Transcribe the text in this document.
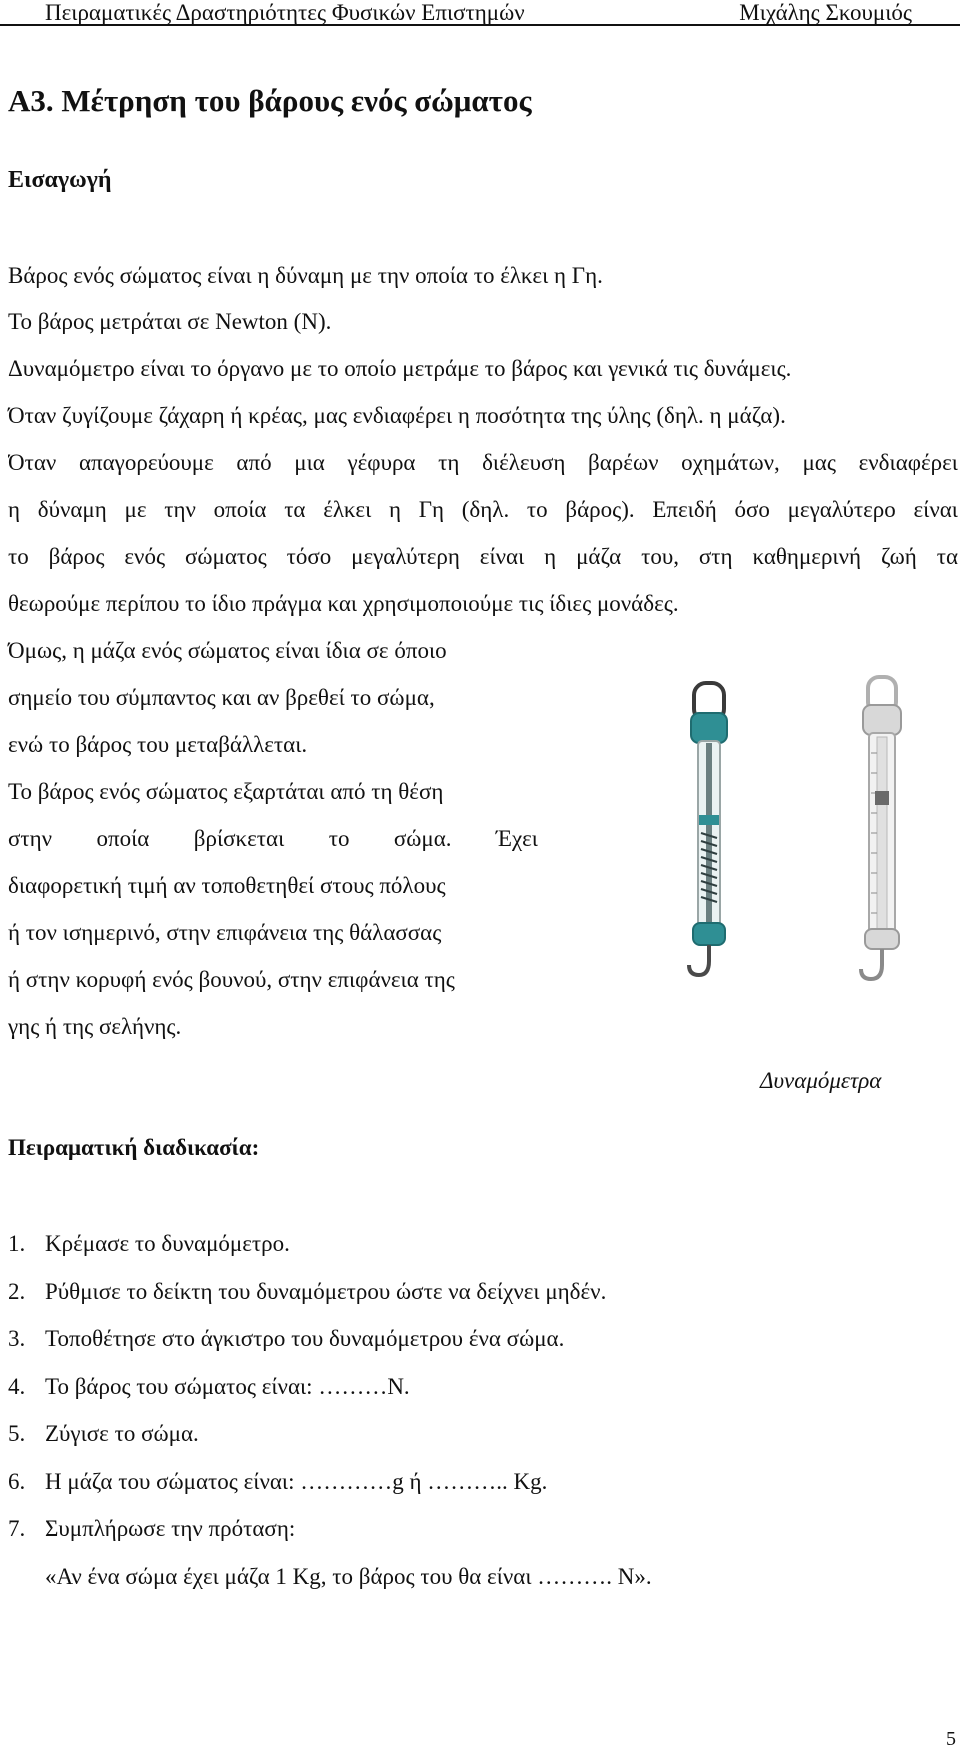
Πειραματικές Δραστηριότητες Φυσικών Επιστημών	Μιχάλης Σκουμιός
Α3. Μέτρηση του βάρους ενός σώματος
Εισαγωγή
Βάρος ενός σώματος είναι η δύναμη με την οποία το έλκει η Γη.
Το βάρος μετράται σε Newton (N).
Δυναμόμετρο είναι το όργανο με το οποίο μετράμε το βάρος και γενικά τις δυνάμεις.
Όταν ζυγίζουμε ζάχαρη ή κρέας, μας ενδιαφέρει η ποσότητα της ύλης (δηλ. η μάζα).
Όταν απαγορεύουμε από μια γέφυρα τη διέλευση βαρέων οχημάτων, μας ενδιαφέρει
η δύναμη με την οποία τα έλκει η Γη (δηλ. το βάρος). Επειδή όσο μεγαλύτερο είναι
το βάρος ενός σώματος τόσο μεγαλύτερη είναι η μάζα του, στη καθημερινή ζωή τα
θεωρούμε περίπου το ίδιο πράγμα και χρησιμοποιούμε τις ίδιες μονάδες.
Όμως, η μάζα ενός σώματος είναι ίδια σε όποιο
σημείο του σύμπαντος και αν βρεθεί το σώμα,
ενώ το βάρος του μεταβάλλεται.
Το βάρος ενός σώματος εξαρτάται από τη θέση
στην οποία βρίσκεται το σώμα. Έχει
διαφορετική τιμή αν τοποθετηθεί στους πόλους
ή τον ισημερινό, στην επιφάνεια της θάλασσας
ή στην κορυφή ενός βουνού, στην επιφάνεια της
γης ή της σελήνης.
Δυναμόμετρα
Πειραματική διαδικασία:
1. Κρέμασε το δυναμόμετρο.
2. Ρύθμισε το δείκτη του δυναμόμετρου ώστε να δείχνει μηδέν.
3. Τοποθέτησε στο άγκιστρο του δυναμόμετρου ένα σώμα.
4. Το βάρος του σώματος είναι: ………N.
5. Ζύγισε το σώμα.
6. Η μάζα του σώματος είναι: …………g ή ……….. Kg.
7. Συμπλήρωσε την πρόταση:
«Αν ένα σώμα έχει μάζα 1 Kg, το βάρος του θα είναι ………. N».
5
